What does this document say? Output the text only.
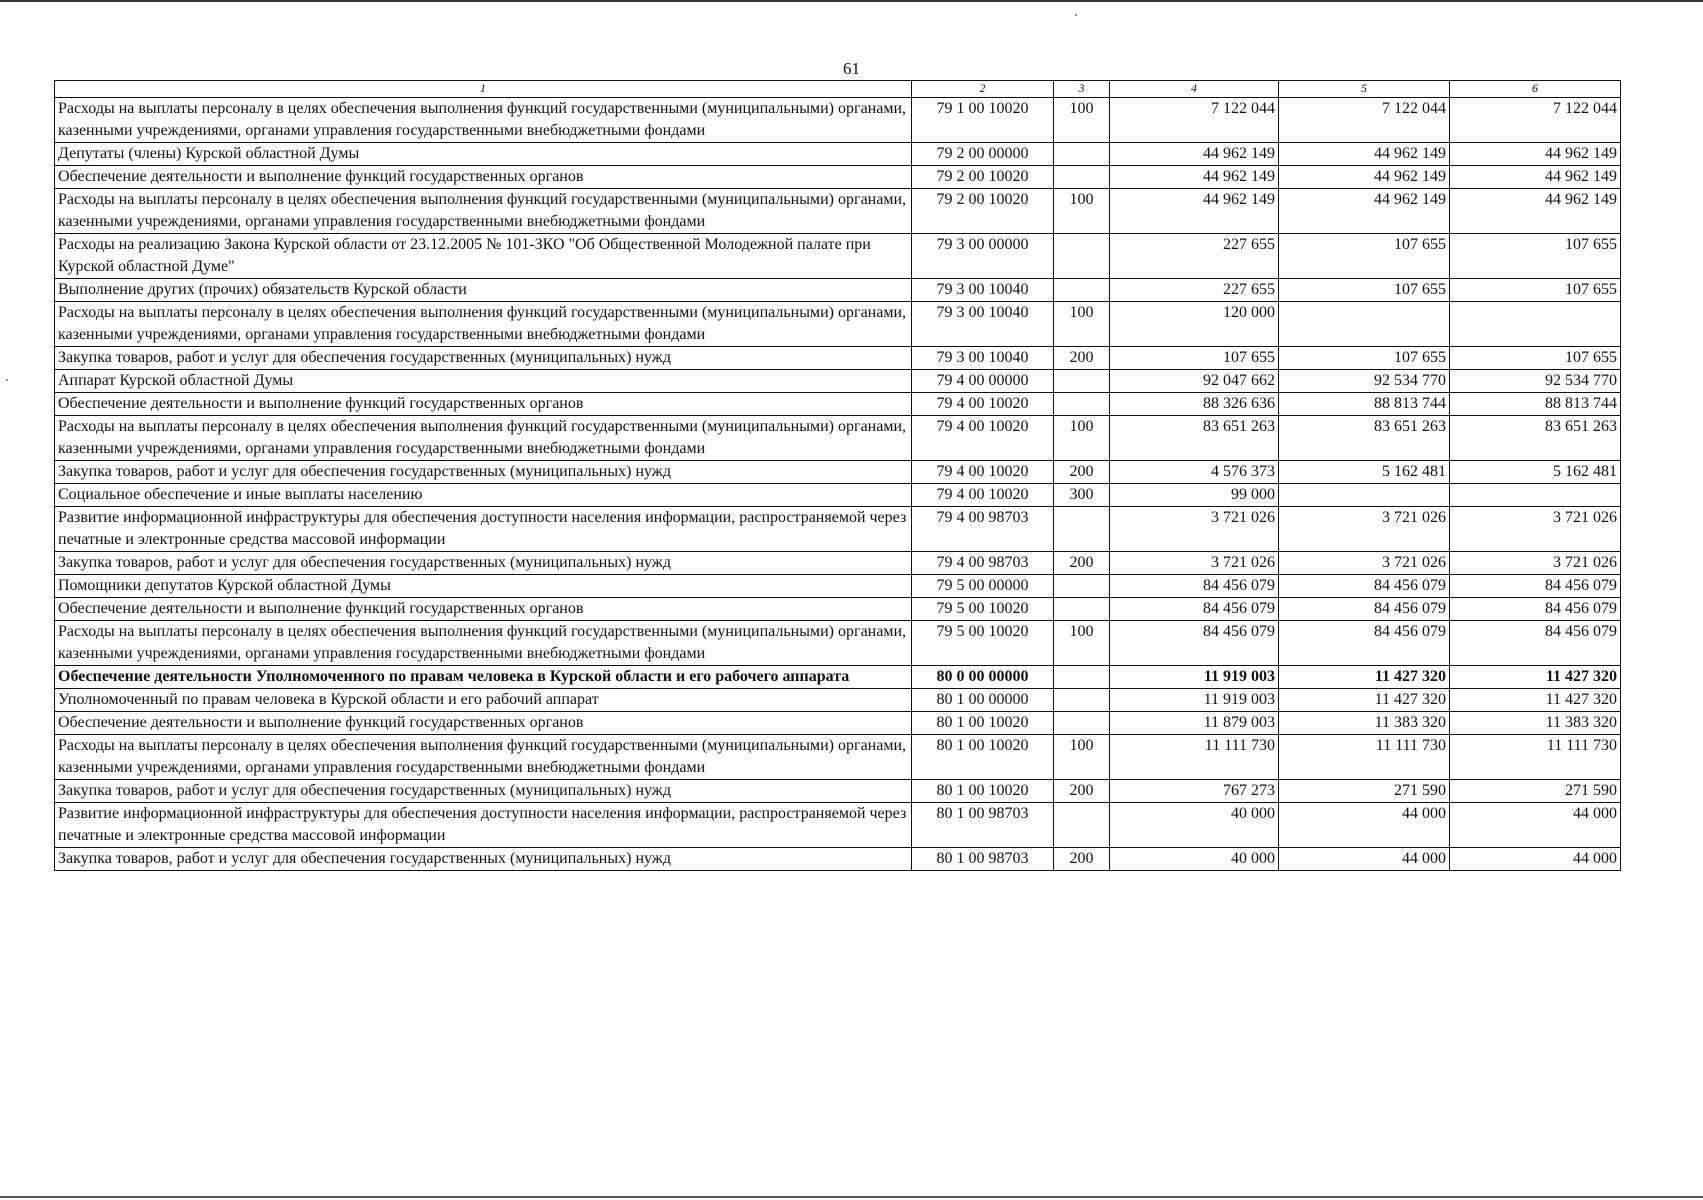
61
1	2	3	4	5	6
Расходы на выплаты персоналу в целях обеспечения выполнения функций государственными (муниципальными) органами, казенными учреждениями, органами управления государственными внебюджетными фондами	79 1 00 10020	100	7 122 044	7 122 044	7 122 044
Депутаты (члены) Курской областной Думы	79 2 00 00000		44 962 149	44 962 149	44 962 149
Обеспечение деятельности и выполнение функций государственных органов	79 2 00 10020		44 962 149	44 962 149	44 962 149
Расходы на выплаты персоналу в целях обеспечения выполнения функций государственными (муниципальными) органами, казенными учреждениями, органами управления государственными внебюджетными фондами	79 2 00 10020	100	44 962 149	44 962 149	44 962 149
Расходы на реализацию Закона Курской области от 23.12.2005 № 101-ЗКО "Об Общественной Молодежной палате при Курской областной Думе"	79 3 00 00000		227 655	107 655	107 655
Выполнение других (прочих) обязательств Курской области	79 3 00 10040		227 655	107 655	107 655
Расходы на выплаты персоналу в целях обеспечения выполнения функций государственными (муниципальными) органами, казенными учреждениями, органами управления государственными внебюджетными фондами	79 3 00 10040	100	120 000		
Закупка товаров, работ и услуг для обеспечения государственных (муниципальных) нужд	79 3 00 10040	200	107 655	107 655	107 655
Аппарат Курской областной Думы	79 4 00 00000		92 047 662	92 534 770	92 534 770
Обеспечение деятельности и выполнение функций государственных органов	79 4 00 10020		88 326 636	88 813 744	88 813 744
Расходы на выплаты персоналу в целях обеспечения выполнения функций государственными (муниципальными) органами, казенными учреждениями, органами управления государственными внебюджетными фондами	79 4 00 10020	100	83 651 263	83 651 263	83 651 263
Закупка товаров, работ и услуг для обеспечения государственных (муниципальных) нужд	79 4 00 10020	200	4 576 373	5 162 481	5 162 481
Социальное обеспечение и иные выплаты населению	79 4 00 10020	300	99 000		
Развитие информационной инфраструктуры для обеспечения доступности населения информации, распространяемой через печатные и электронные средства массовой информации	79 4 00 98703		3 721 026	3 721 026	3 721 026
Закупка товаров, работ и услуг для обеспечения государственных (муниципальных) нужд	79 4 00 98703	200	3 721 026	3 721 026	3 721 026
Помощники депутатов Курской областной Думы	79 5 00 00000		84 456 079	84 456 079	84 456 079
Обеспечение деятельности и выполнение функций государственных органов	79 5 00 10020		84 456 079	84 456 079	84 456 079
Расходы на выплаты персоналу в целях обеспечения выполнения функций государственными (муниципальными) органами, казенными учреждениями, органами управления государственными внебюджетными фондами	79 5 00 10020	100	84 456 079	84 456 079	84 456 079
Обеспечение деятельности Уполномоченного по правам человека в Курской области и его рабочего аппарата	80 0 00 00000		11 919 003	11 427 320	11 427 320
Уполномоченный по правам человека в Курской области и его рабочий аппарат	80 1 00 00000		11 919 003	11 427 320	11 427 320
Обеспечение деятельности и выполнение функций государственных органов	80 1 00 10020		11 879 003	11 383 320	11 383 320
Расходы на выплаты персоналу в целях обеспечения выполнения функций государственными (муниципальными) органами, казенными учреждениями, органами управления государственными внебюджетными фондами	80 1 00 10020	100	11 111 730	11 111 730	11 111 730
Закупка товаров, работ и услуг для обеспечения государственных (муниципальных) нужд	80 1 00 10020	200	767 273	271 590	271 590
Развитие информационной инфраструктуры для обеспечения доступности населения информации, распространяемой через печатные и электронные средства массовой информации	80 1 00 98703		40 000	44 000	44 000
Закупка товаров, работ и услуг для обеспечения государственных (муниципальных) нужд	80 1 00 98703	200	40 000	44 000	44 000
